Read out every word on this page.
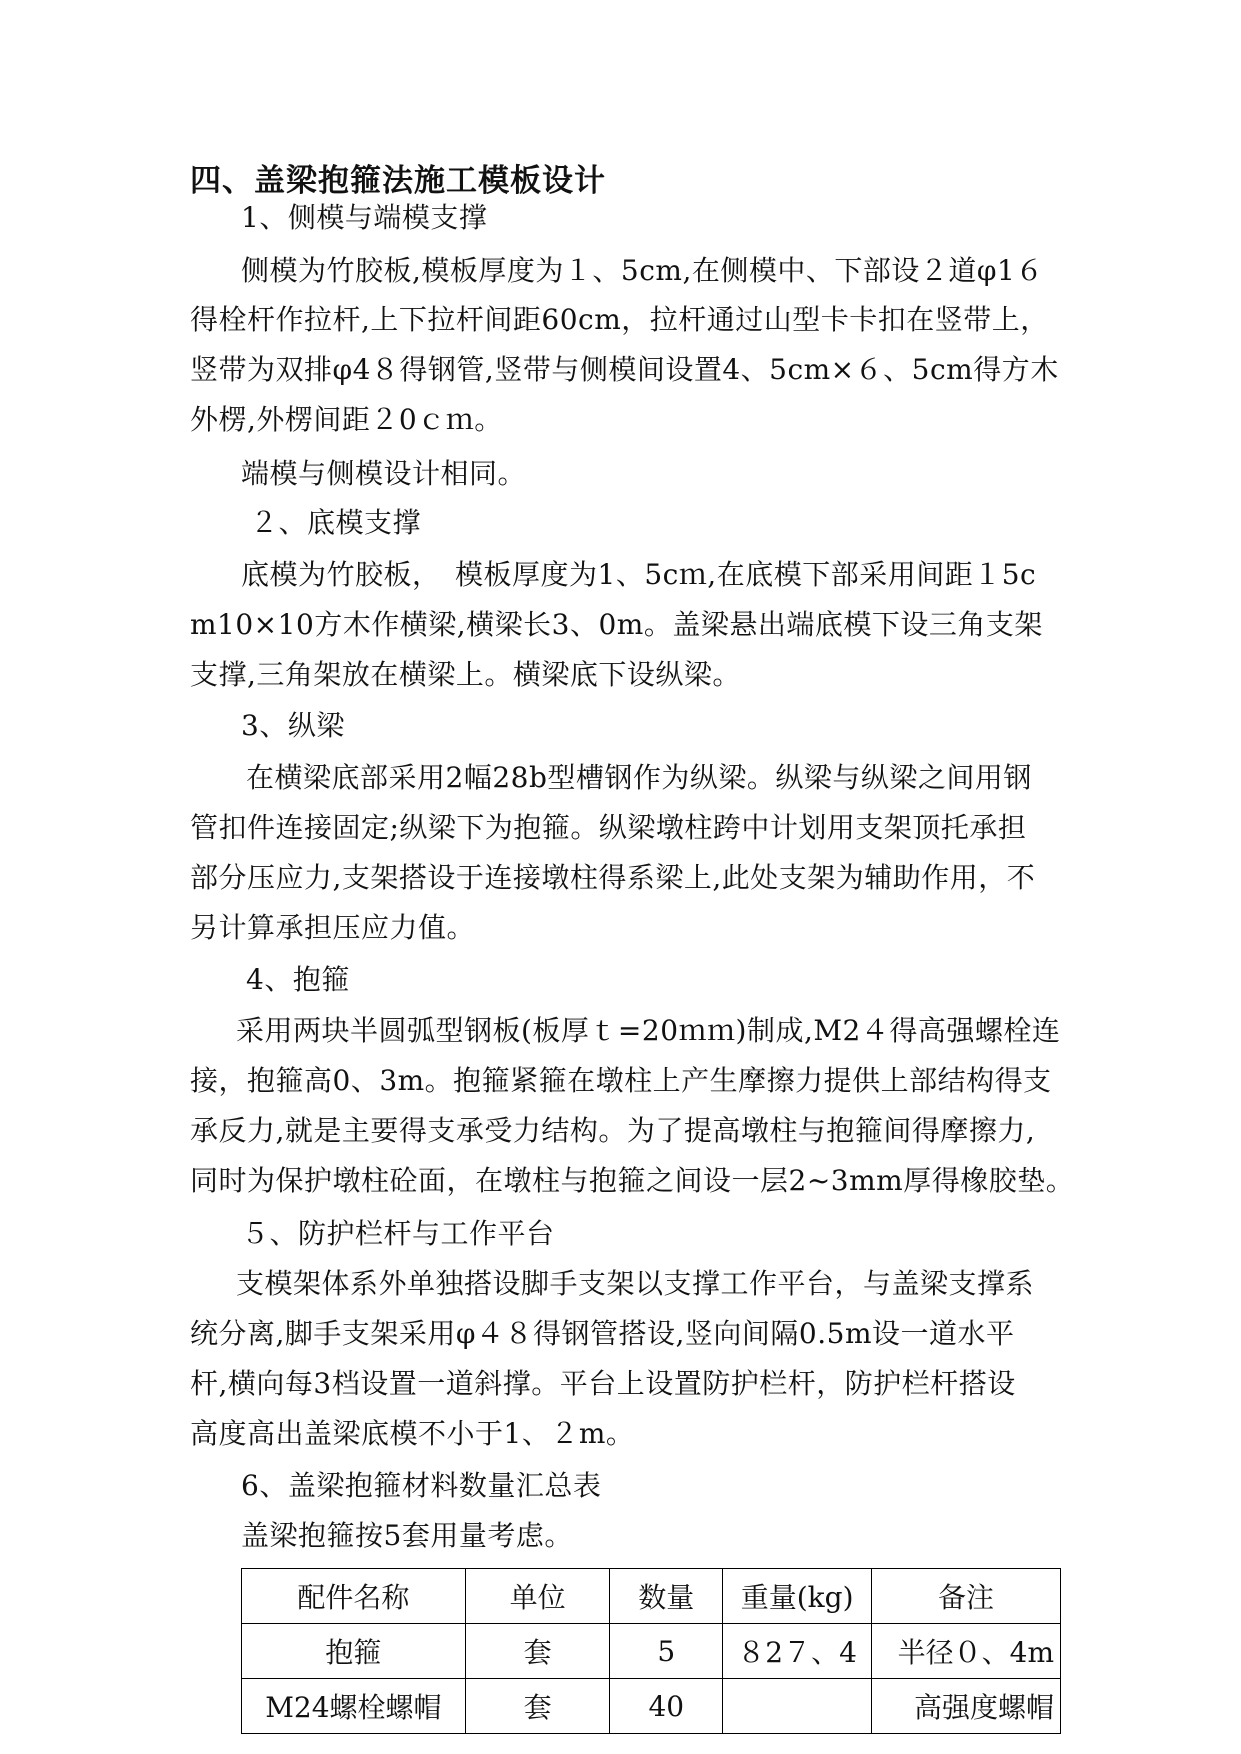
四、盖梁抱箍法施工模板设计
1、侧模与端模支撑
侧模为竹胶板,模板厚度为１、5cm,在侧模中、下部设２道φ1６
得栓杆作拉杆,上下拉杆间距60cm，拉杆通过山型卡卡扣在竖带上，
竖带为双排φ4８得钢管,竖带与侧模间设置4、5cm×６、5cm得方木
外楞,外楞间距２0ｃｍ。
端模与侧模设计相同。
２、底模支撑
底模为竹胶板，　模板厚度为1、5cｍ,在底模下部采用间距１5c
m10×10方木作横梁,横梁长3、0m。盖梁悬出端底模下设三角支架
支撑,三角架放在横梁上。横梁底下设纵梁。
3、纵梁
在横梁底部采用2幅28b型槽钢作为纵梁。纵梁与纵梁之间用钢
管扣件连接固定;纵梁下为抱箍。纵梁墩柱跨中计划用支架顶托承担
部分压应力,支架搭设于连接墩柱得系梁上,此处支架为辅助作用，不
另计算承担压应力值。
4、抱箍
采用两块半圆弧型钢板(板厚ｔ=20ｍｍ)制成,M2４得高强螺栓连
接，抱箍高0、3m。抱箍紧箍在墩柱上产生摩擦力提供上部结构得支
承反力,就是主要得支承受力结构。为了提高墩柱与抱箍间得摩擦力,
同时为保护墩柱砼面，在墩柱与抱箍之间设一层2~3mm厚得橡胶垫。
５、防护栏杆与工作平台
支模架体系外单独搭设脚手支架以支撑工作平台，与盖梁支撑系
统分离,脚手支架采用φ４８得钢管搭设,竖向间隔0.5m设一道水平
杆,横向每3档设置一道斜撑。平台上设置防护栏杆，防护栏杆搭设
高度高出盖梁底模不小于1、２m。
6、盖梁抱箍材料数量汇总表
盖梁抱箍按5套用量考虑。
配件名称	单位	数量	重量(kg)	备注
抱箍	套	5	８2７、4	半径０、4m
M24螺栓螺帽	套	40		高强度螺帽
